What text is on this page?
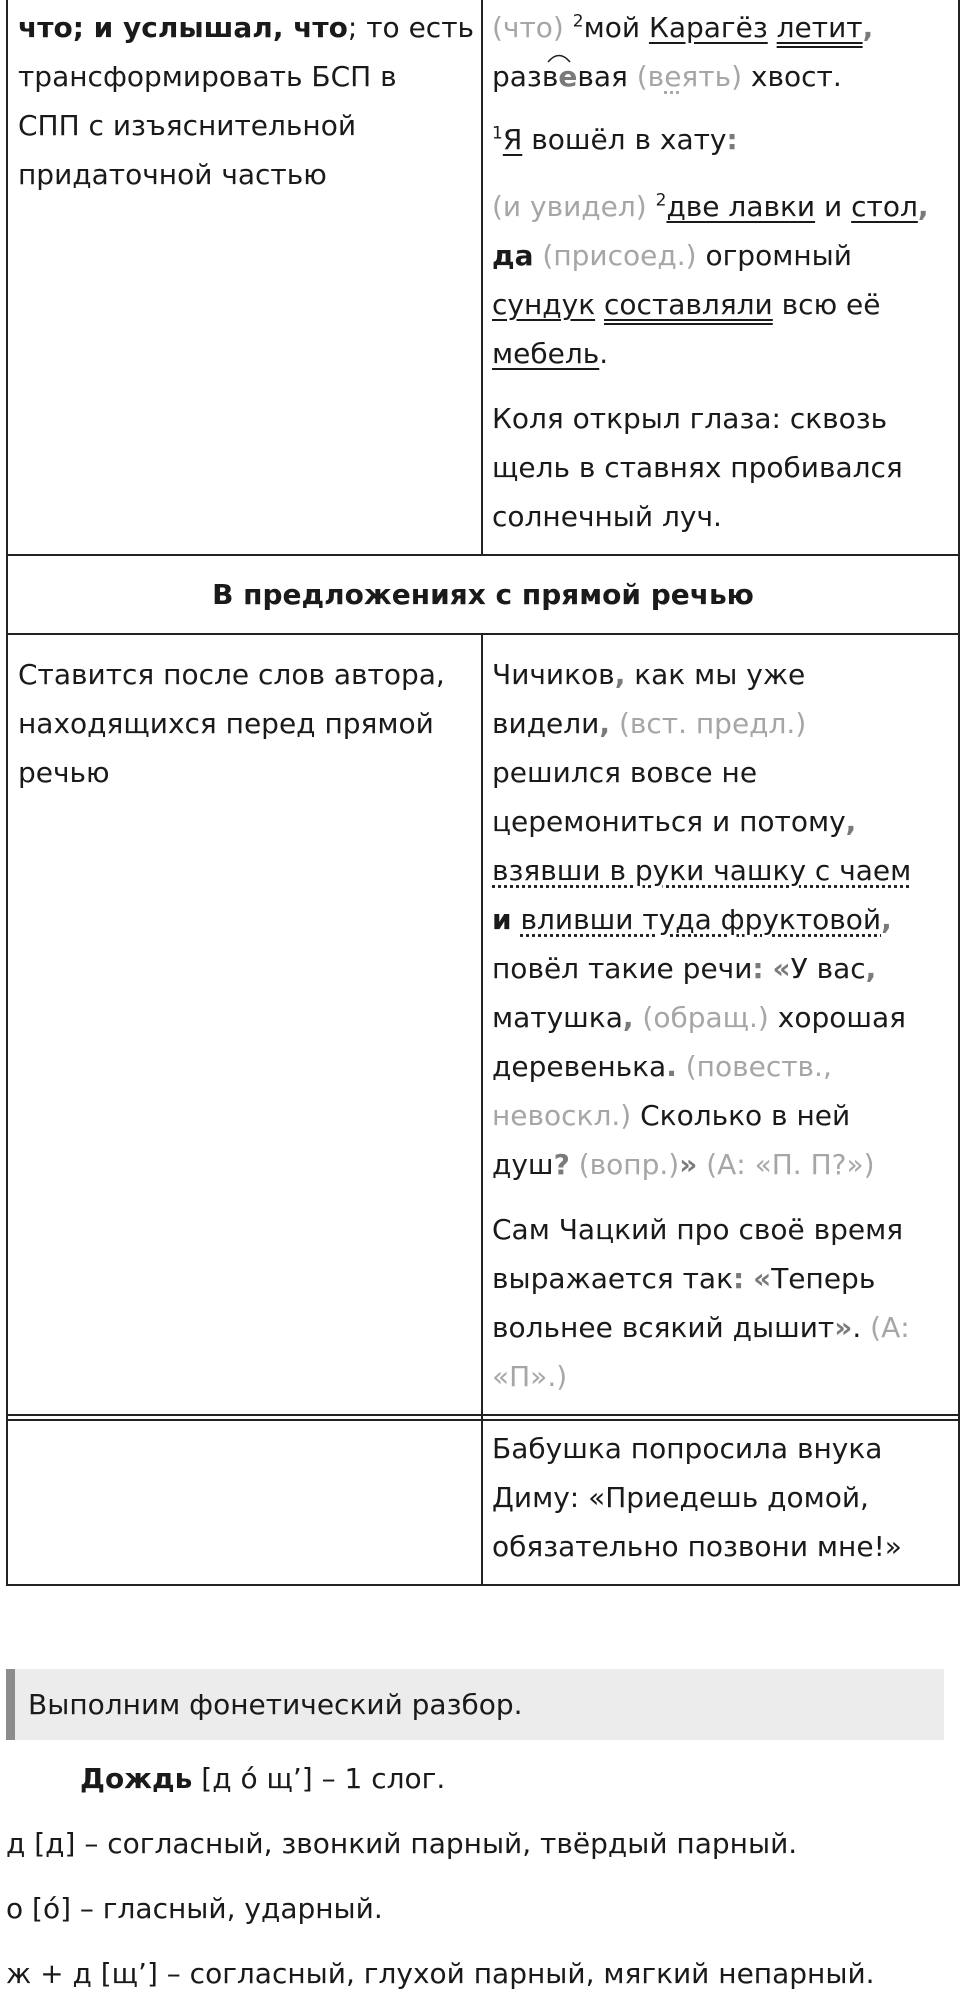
что; и услышал, что; то есть
трансформировать БСП в
СПП с изъяснительной
придаточной частью
(что) $^2$мой Карагёз летит,
развевая (веять) хвост.
$^1$Я вошёл в хату:
(и увидел) $^2$две лавки и стол,
да (присоед.) огромный
сундук составляли всю её
мебель.
Коля открыл глаза: сквозь
щель в ставнях пробивался
солнечный луч.
В предложениях с прямой речью
Ставится после слов автора,
находящихся перед прямой
речью
Чичиков, как мы уже
видели, (вст. предл.)
решился вовсе не
церемониться и потому,
взявши в руки чашку с чаем
и вливши туда фруктовой,
повёл такие речи: «У вас,
матушка, (обращ.) хорошая
деревенька. (повеств.,
невоскл.) Сколько в ней
душ? (вопр.)» (А: «П. П?»)
Сам Чацкий про своё время
выражается так: «Теперь
вольнее всякий дышит». (А:
«П».)
Бабушка попросила внука
Диму: «Приедешь домой,
обязательно позвони мне!»
Выполним фонетический разбор.
Дождь [д ó щ’] – 1 слог.
д [д] – согласный, звонкий парный, твёрдый парный.
о [ó] – гласный, ударный.
ж + д [щ’] – согласный, глухой парный, мягкий непарный.
